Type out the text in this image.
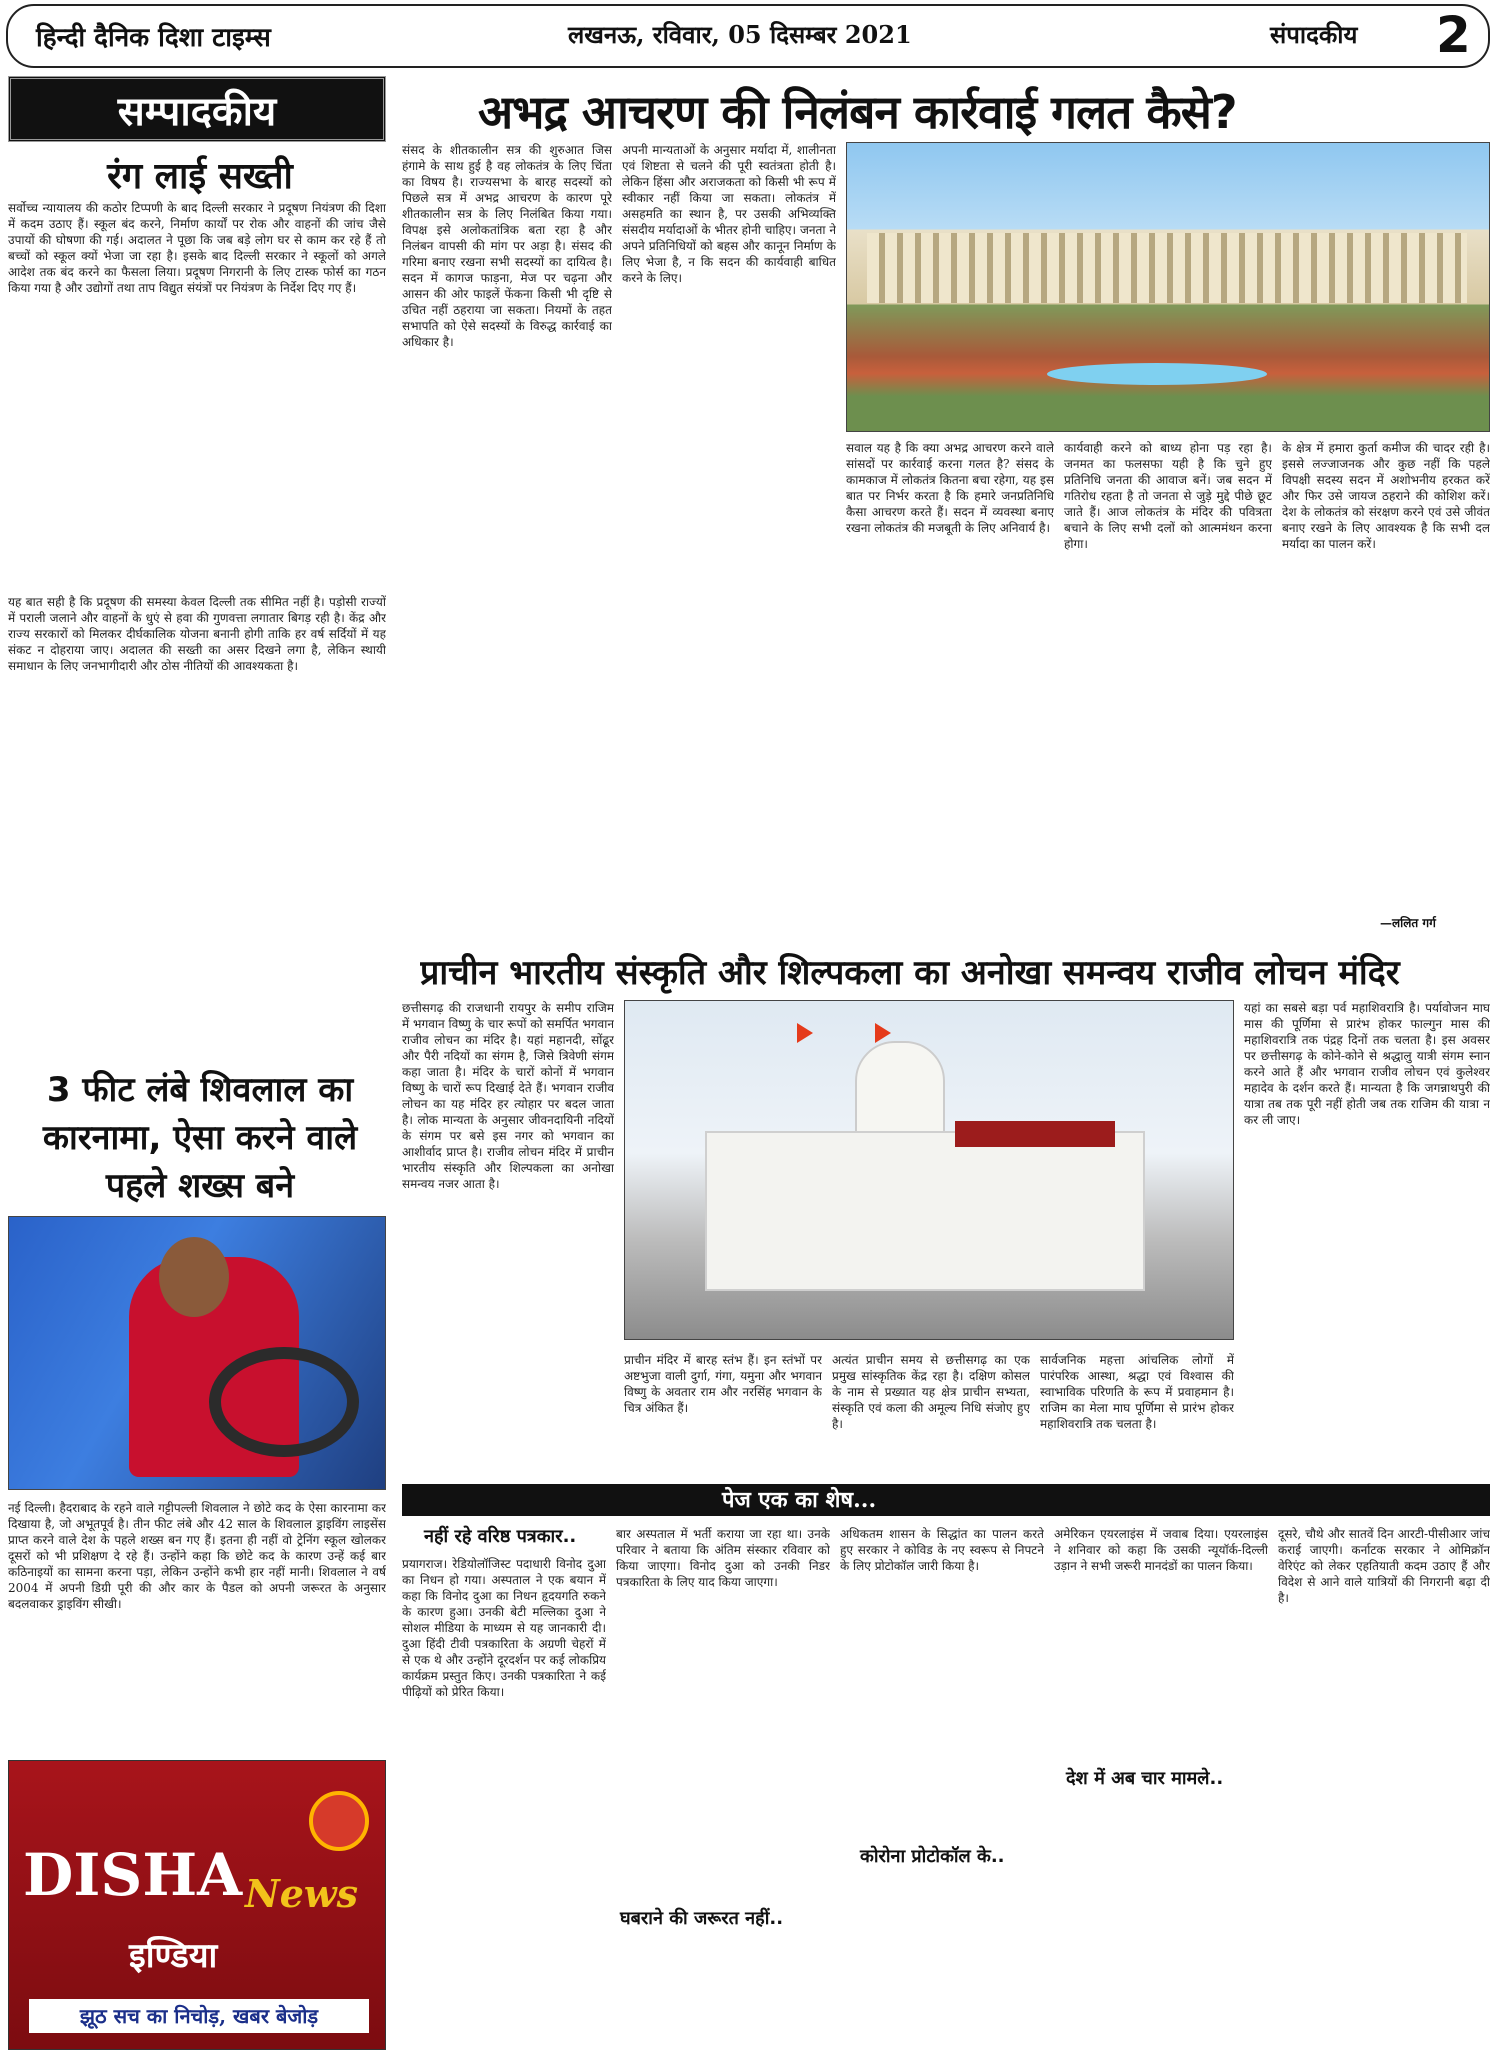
हिन्दी दैनिक दिशा टाइम्स	लखनऊ, रविवार, 05 दिसम्बर 2021	संपादकीय 2
सम्पादकीय
रंग लाई सख्ती
सर्वोच्च न्यायालय की कठोर टिप्पणी के बाद दिल्ली सरकार ने प्रदूषण नियंत्रण की दिशा में कदम उठाए हैं। स्कूल बंद करने, निर्माण कार्यों पर रोक और वाहनों की जांच जैसे उपायों की घोषणा की गई। अदालत ने पूछा कि जब बड़े लोग घर से काम कर रहे हैं तो बच्चों को स्कूल क्यों भेजा जा रहा है। इसके बाद दिल्ली सरकार ने स्कूलों को अगले आदेश तक बंद करने का फैसला लिया। प्रदूषण निगरानी के लिए टास्क फोर्स का गठन किया गया है और उद्योगों तथा ताप विद्युत संयंत्रों पर नियंत्रण के निर्देश दिए गए हैं।
यह बात सही है कि प्रदूषण की समस्या केवल दिल्ली तक सीमित नहीं है। पड़ोसी राज्यों में पराली जलाने और वाहनों के धुएं से हवा की गुणवत्ता लगातार बिगड़ रही है। केंद्र और राज्य सरकारों को मिलकर दीर्घकालिक योजना बनानी होगी ताकि हर वर्ष सर्दियों में यह संकट न दोहराया जाए। अदालत की सख्ती का असर दिखने लगा है, लेकिन स्थायी समाधान के लिए जनभागीदारी और ठोस नीतियों की आवश्यकता है।
अभद्र आचरण की निलंबन कार्रवाई गलत कैसे?
संसद के शीतकालीन सत्र की शुरुआत जिस हंगामे के साथ हुई है वह लोकतंत्र के लिए चिंता का विषय है। राज्यसभा के बारह सदस्यों को पिछले सत्र में अभद्र आचरण के कारण पूरे शीतकालीन सत्र के लिए निलंबित किया गया। विपक्ष इसे अलोकतांत्रिक बता रहा है और निलंबन वापसी की मांग पर अड़ा है। संसद की गरिमा बनाए रखना सभी सदस्यों का दायित्व है। सदन में कागज फाड़ना, मेज पर चढ़ना और आसन की ओर फाइलें फेंकना किसी भी दृष्टि से उचित नहीं ठहराया जा सकता। नियमों के तहत सभापति को ऐसे सदस्यों के विरुद्ध कार्रवाई का अधिकार है।
अपनी मान्यताओं के अनुसार मर्यादा में, शालीनता एवं शिष्टता से चलने की पूरी स्वतंत्रता होती है। लेकिन हिंसा और अराजकता को किसी भी रूप में स्वीकार नहीं किया जा सकता। लोकतंत्र में असहमति का स्थान है, पर उसकी अभिव्यक्ति संसदीय मर्यादाओं के भीतर होनी चाहिए। जनता ने अपने प्रतिनिधियों को बहस और कानून निर्माण के लिए भेजा है, न कि सदन की कार्यवाही बाधित करने के लिए।
सवाल यह है कि क्या अभद्र आचरण करने वाले सांसदों पर कार्रवाई करना गलत है? संसद के कामकाज में लोकतंत्र कितना बचा रहेगा, यह इस बात पर निर्भर करता है कि हमारे जनप्रतिनिधि कैसा आचरण करते हैं। सदन में व्यवस्था बनाए रखना लोकतंत्र की मजबूती के लिए अनिवार्य है।
कार्यवाही करने को बाध्य होना पड़ रहा है। जनमत का फलसफा यही है कि चुने हुए प्रतिनिधि जनता की आवाज बनें। जब सदन में गतिरोध रहता है तो जनता से जुड़े मुद्दे पीछे छूट जाते हैं। आज लोकतंत्र के मंदिर की पवित्रता बचाने के लिए सभी दलों को आत्ममंथन करना होगा।
के क्षेत्र में हमारा कुर्ता कमीज की चादर रही है। इससे लज्जाजनक और कुछ नहीं कि पहले विपक्षी सदस्य सदन में अशोभनीय हरकत करें और फिर उसे जायज ठहराने की कोशिश करें। देश के लोकतंत्र को संरक्षण करने एवं उसे जीवंत बनाए रखने के लिए आवश्यक है कि सभी दल मर्यादा का पालन करें।
—ललित गर्ग
प्राचीन भारतीय संस्कृति और शिल्पकला का अनोखा समन्वय राजीव लोचन मंदिर
छत्तीसगढ़ की राजधानी रायपुर के समीप राजिम में भगवान विष्णु के चार रूपों को समर्पित भगवान राजीव लोचन का मंदिर है। यहां महानदी, सोंढूर और पैरी नदियों का संगम है, जिसे त्रिवेणी संगम कहा जाता है। मंदिर के चारों कोनों में भगवान विष्णु के चारों रूप दिखाई देते हैं। भगवान राजीव लोचन का यह मंदिर हर त्योहार पर बदल जाता है। लोक मान्यता के अनुसार जीवनदायिनी नदियों के संगम पर बसे इस नगर को भगवान का आशीर्वाद प्राप्त है। राजीव लोचन मंदिर में प्राचीन भारतीय संस्कृति और शिल्पकला का अनोखा समन्वय नजर आता है।
प्राचीन मंदिर में बारह स्तंभ हैं। इन स्तंभों पर अष्टभुजा वाली दुर्गा, गंगा, यमुना और भगवान विष्णु के अवतार राम और नरसिंह भगवान के चित्र अंकित हैं।
अत्यंत प्राचीन समय से छत्तीसगढ़ का एक प्रमुख सांस्कृतिक केंद्र रहा है। दक्षिण कोसल के नाम से प्रख्यात यह क्षेत्र प्राचीन सभ्यता, संस्कृति एवं कला की अमूल्य निधि संजोए हुए है।
सार्वजनिक महत्ता आंचलिक लोगों में पारंपरिक आस्था, श्रद्धा एवं विश्वास की स्वाभाविक परिणति के रूप में प्रवाहमान है। राजिम का मेला माघ पूर्णिमा से प्रारंभ होकर महाशिवरात्रि तक चलता है।
यहां का सबसे बड़ा पर्व महाशिवरात्रि है। पर्यावोजन माघ मास की पूर्णिमा से प्रारंभ होकर फाल्गुन मास की महाशिवरात्रि तक पंद्रह दिनों तक चलता है। इस अवसर पर छत्तीसगढ़ के कोने-कोने से श्रद्धालु यात्री संगम स्नान करने आते हैं और भगवान राजीव लोचन एवं कुलेश्वर महादेव के दर्शन करते हैं। मान्यता है कि जगन्नाथपुरी की यात्रा तब तक पूरी नहीं होती जब तक राजिम की यात्रा न कर ली जाए।
3 फीट लंबे शिवलाल का कारनामा, ऐसा करने वाले पहले शख्स बने
नई दिल्ली। हैदराबाद के रहने वाले गट्टीपल्ली शिवलाल ने छोटे कद के ऐसा कारनामा कर दिखाया है, जो अभूतपूर्व है। तीन फीट लंबे और 42 साल के शिवलाल ड्राइविंग लाइसेंस प्राप्त करने वाले देश के पहले शख्स बन गए हैं। इतना ही नहीं वो ट्रेनिंग स्कूल खोलकर दूसरों को भी प्रशिक्षण दे रहे हैं। उन्होंने कहा कि छोटे कद के कारण उन्हें कई बार कठिनाइयों का सामना करना पड़ा, लेकिन उन्होंने कभी हार नहीं मानी। शिवलाल ने वर्ष 2004 में अपनी डिग्री पूरी की और कार के पैडल को अपनी जरूरत के अनुसार बदलवाकर ड्राइविंग सीखी।
पेज एक का शेष...
नहीं रहे वरिष्ठ पत्रकार..
प्रयागराज। रेडियोलॉजिस्ट पदाधारी विनोद दुआ का निधन हो गया। अस्पताल ने एक बयान में कहा कि विनोद दुआ का निधन हृदयगति रुकने के कारण हुआ। उनकी बेटी मल्लिका दुआ ने सोशल मीडिया के माध्यम से यह जानकारी दी। दुआ हिंदी टीवी पत्रकारिता के अग्रणी चेहरों में से एक थे और उन्होंने दूरदर्शन पर कई लोकप्रिय कार्यक्रम प्रस्तुत किए। उनकी पत्रकारिता ने कई पीढ़ियों को प्रेरित किया।
बार अस्पताल में भर्ती कराया जा रहा था। उनके परिवार ने बताया कि अंतिम संस्कार रविवार को किया जाएगा। विनोद दुआ को उनकी निडर पत्रकारिता के लिए याद किया जाएगा।
घबराने की जरूरत नहीं..
अधिकतम शासन के सिद्धांत का पालन करते हुए सरकार ने कोविड के नए स्वरूप से निपटने के लिए प्रोटोकॉल जारी किया है।
कोरोना प्रोटोकॉल के..
अमेरिकन एयरलाइंस में जवाब दिया। एयरलाइंस ने शनिवार को कहा कि उसकी न्यूयॉर्क-दिल्ली उड़ान ने सभी जरूरी मानदंडों का पालन किया।
देश में अब चार मामले..
दूसरे, चौथे और सातवें दिन आरटी-पीसीआर जांच कराई जाएगी। कर्नाटक सरकार ने ओमिक्रॉन वेरिएंट को लेकर एहतियाती कदम उठाए हैं और विदेश से आने वाले यात्रियों की निगरानी बढ़ा दी है।
DISHA News
इण्डिया
झूठ सच का निचोड़, खबर बेजोड़
